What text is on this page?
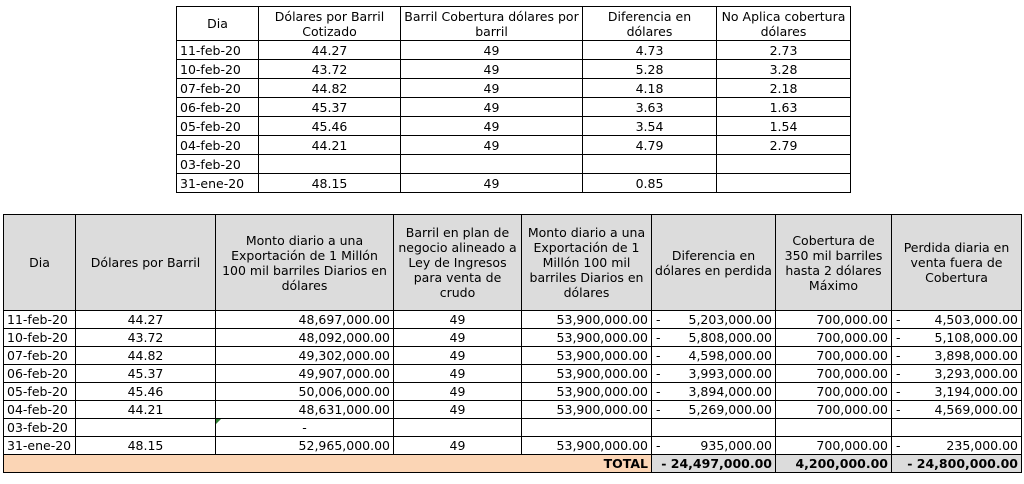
Dia	Dólares por Barril Cotizado	Barril Cobertura dólares por barril	Diferencia en dólares	No Aplica cobertura dólares
11-feb-20	44.27	49	4.73	2.73
10-feb-20	43.72	49	5.28	3.28
07-feb-20	44.82	49	4.18	2.18
06-feb-20	45.37	49	3.63	1.63
05-feb-20	45.46	49	3.54	1.54
04-feb-20	44.21	49	4.79	2.79
03-feb-20				
31-ene-20	48.15	49	0.85	
Dia	Dólares por Barril	Monto diario a una Exportación de 1 Millón 100 mil barriles Diarios en dólares	Barril en plan de negocio alineado a Ley de Ingresos para venta de crudo	Monto diario a una Exportación de 1 Millón 100 mil barriles Diarios en dólares	Diferencia en dólares en perdida	Cobertura de 350 mil barriles hasta 2 dólares Máximo	Perdida diaria en venta fuera de Cobertura
11-feb-20	44.27	48,697,000.00	49	53,900,000.00	- 5,203,000.00	700,000.00	- 4,503,000.00

10-feb-20	43.72	48,092,000.00	49	53,900,000.00	- 5,808,000.00	700,000.00	- 5,108,000.00

07-feb-20	44.82	49,302,000.00	49	53,900,000.00	- 4,598,000.00	700,000.00	- 3,898,000.00

06-feb-20	45.37	49,907,000.00	49	53,900,000.00	- 3,993,000.00	700,000.00	- 3,293,000.00

05-feb-20	45.46	50,006,000.00	49	53,900,000.00	- 3,894,000.00	700,000.00	- 3,194,000.00

04-feb-20	44.21	48,631,000.00	49	53,900,000.00	- 5,269,000.00	700,000.00	- 4,569,000.00

03-feb-20		-			

31-ene-20	48.15	52,965,000.00	49	53,900,000.00	- 935,000.00	700,000.00	- 235,000.00

TOTAL					- 24,497,000.00	4,200,000.00	- 24,800,000.00
